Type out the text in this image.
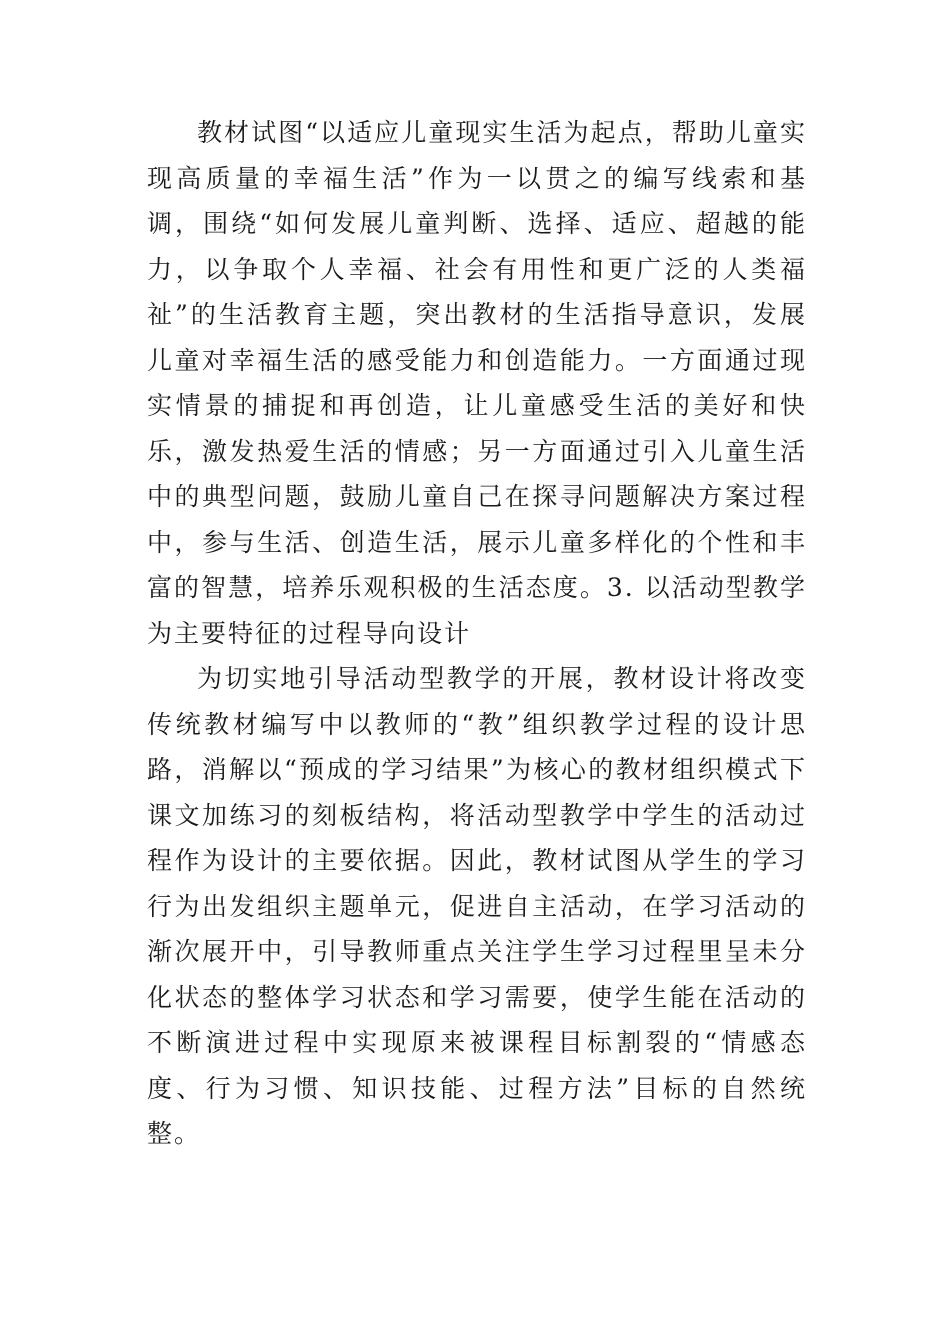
教材试图“以适应儿童现实生活为起点，帮助儿童实现高质量的幸福生活”作为一以贯之的编写线索和基调，围绕“如何发展儿童判断、选择、适应、超越的能力，以争取个人幸福、社会有用性和更广泛的人类福祉”的生活教育主题，突出教材的生活指导意识，发展儿童对幸福生活的感受能力和创造能力。一方面通过现实情景的捕捉和再创造，让儿童感受生活的美好和快乐，激发热爱生活的情感；另一方面通过引入儿童生活中的典型问题，鼓励儿童自己在探寻问题解决方案过程中，参与生活、创造生活，展示儿童多样化的个性和丰富的智慧，培养乐观积极的生活态度。3. 以活动型教学为主要特征的过程导向设计

为切实地引导活动型教学的开展，教材设计将改变传统教材编写中以教师的“教”组织教学过程的设计思路，消解以“预成的学习结果”为核心的教材组织模式下课文加练习的刻板结构，将活动型教学中学生的活动过程作为设计的主要依据。因此，教材试图从学生的学习行为出发组织主题单元，促进自主活动，在学习活动的渐次展开中，引导教师重点关注学生学习过程里呈未分化状态的整体学习状态和学习需要，使学生能在活动的不断演进过程中实现原来被课程目标割裂的“情感态度、行为习惯、知识技能、过程方法”目标的自然统整。
